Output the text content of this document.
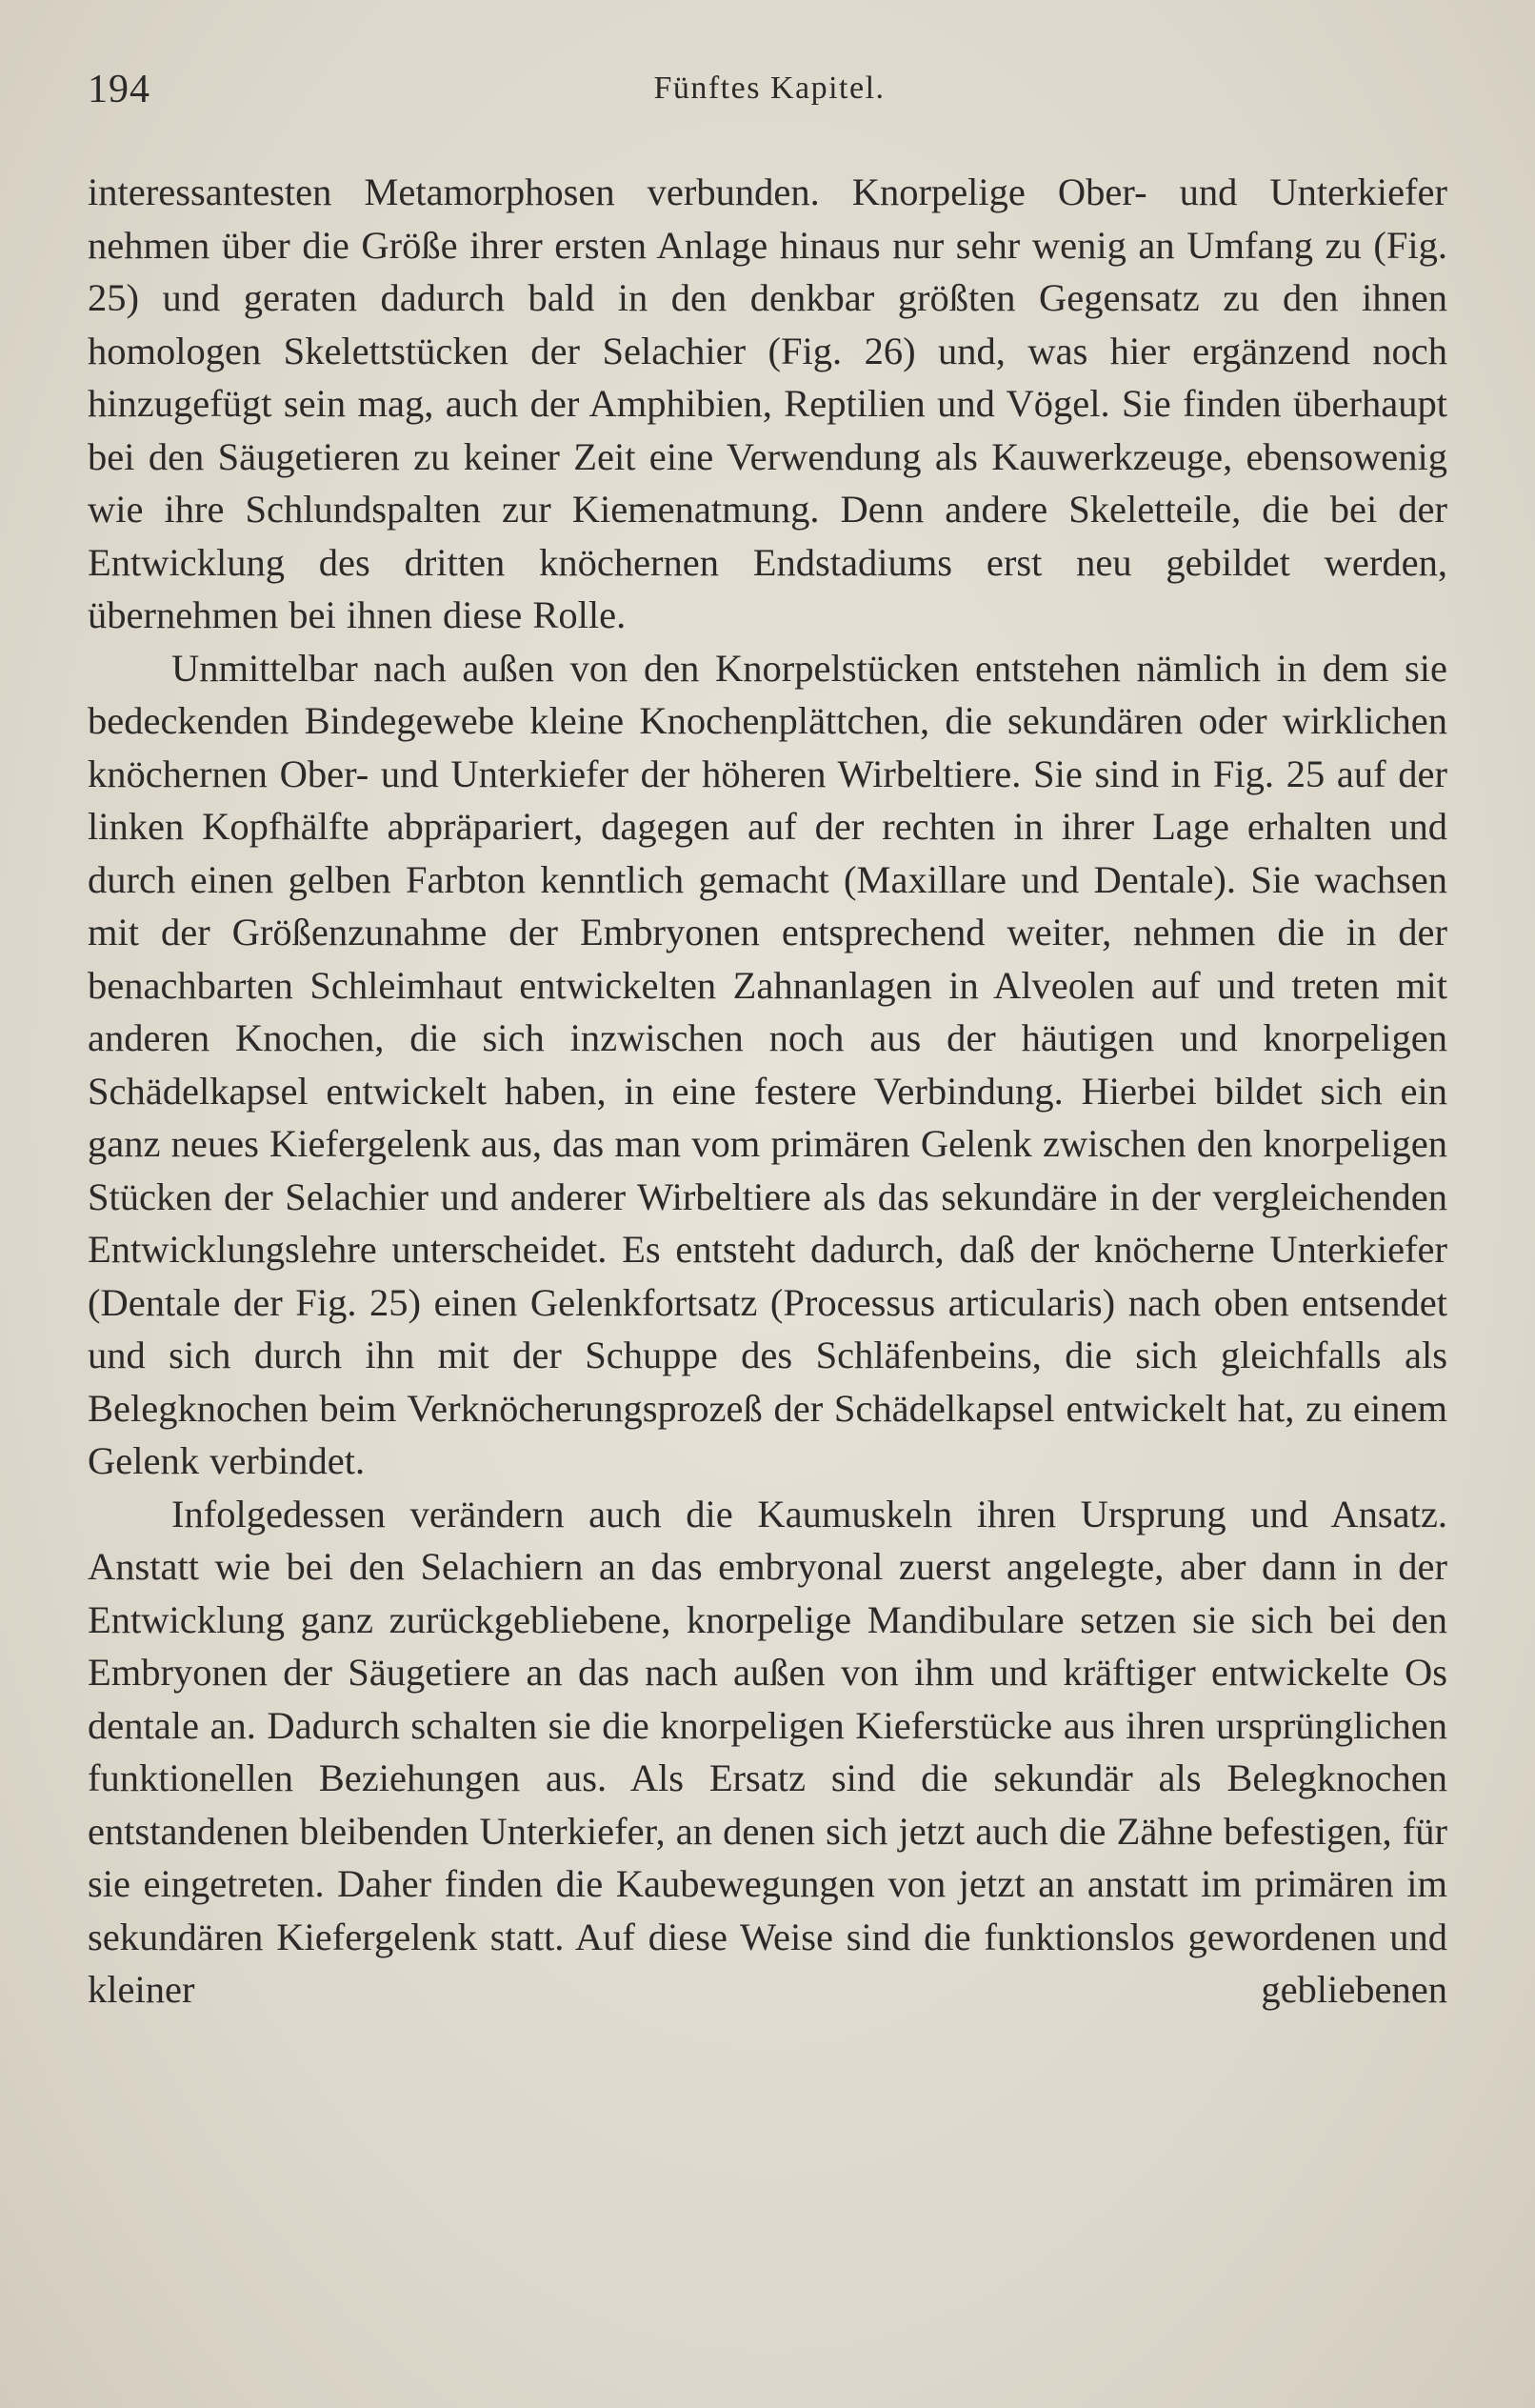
194	Fünftes Kapitel.

interessantesten Metamorphosen verbunden. Knorpelige Ober- und Unterkiefer nehmen über die Größe ihrer ersten Anlage hinaus nur sehr wenig an Umfang zu (Fig. 25) und geraten dadurch bald in den denkbar größten Gegensatz zu den ihnen homologen Skelettstücken der Selachier (Fig. 26) und, was hier ergänzend noch hinzugefügt sein mag, auch der Amphibien, Reptilien und Vögel. Sie finden überhaupt bei den Säugetieren zu keiner Zeit eine Verwendung als Kauwerkzeuge, ebensowenig wie ihre Schlundspalten zur Kiemenatmung. Denn andere Skeletteile, die bei der Entwicklung des dritten knöchernen Endstadiums erst neu gebildet werden, übernehmen bei ihnen diese Rolle.

Unmittelbar nach außen von den Knorpelstücken entstehen nämlich in dem sie bedeckenden Bindegewebe kleine Knochenplättchen, die sekundären oder wirklichen knöchernen Ober- und Unterkiefer der höheren Wirbeltiere. Sie sind in Fig. 25 auf der linken Kopfhälfte abpräpariert, dagegen auf der rechten in ihrer Lage erhalten und durch einen gelben Farbton kenntlich gemacht (Maxillare und Dentale). Sie wachsen mit der Größenzunahme der Embryonen entsprechend weiter, nehmen die in der benachbarten Schleimhaut entwickelten Zahnanlagen in Alveolen auf und treten mit anderen Knochen, die sich inzwischen noch aus der häutigen und knorpeligen Schädelkapsel entwickelt haben, in eine festere Verbindung. Hierbei bildet sich ein ganz neues Kiefergelenk aus, das man vom primären Gelenk zwischen den knorpeligen Stücken der Selachier und anderer Wirbeltiere als das sekundäre in der vergleichenden Entwicklungslehre unterscheidet. Es entsteht dadurch, daß der knöcherne Unterkiefer (Dentale der Fig. 25) einen Gelenkfortsatz (Processus articularis) nach oben entsendet und sich durch ihn mit der Schuppe des Schläfenbeins, die sich gleichfalls als Belegknochen beim Verknöcherungsprozeß der Schädelkapsel entwickelt hat, zu einem Gelenk verbindet.

Infolgedessen verändern auch die Kaumuskeln ihren Ursprung und Ansatz. Anstatt wie bei den Selachiern an das embryonal zuerst angelegte, aber dann in der Entwicklung ganz zurückgebliebene, knorpelige Mandibulare setzen sie sich bei den Embryonen der Säugetiere an das nach außen von ihm und kräftiger entwickelte Os dentale an. Dadurch schalten sie die knorpeligen Kieferstücke aus ihren ursprünglichen funktionellen Beziehungen aus. Als Ersatz sind die sekundär als Belegknochen entstandenen bleibenden Unterkiefer, an denen sich jetzt auch die Zähne befestigen, für sie eingetreten. Daher finden die Kaubewegungen von jetzt an anstatt im primären im sekundären Kiefergelenk statt. Auf diese Weise sind die funktionslos gewordenen und kleiner gebliebenen
